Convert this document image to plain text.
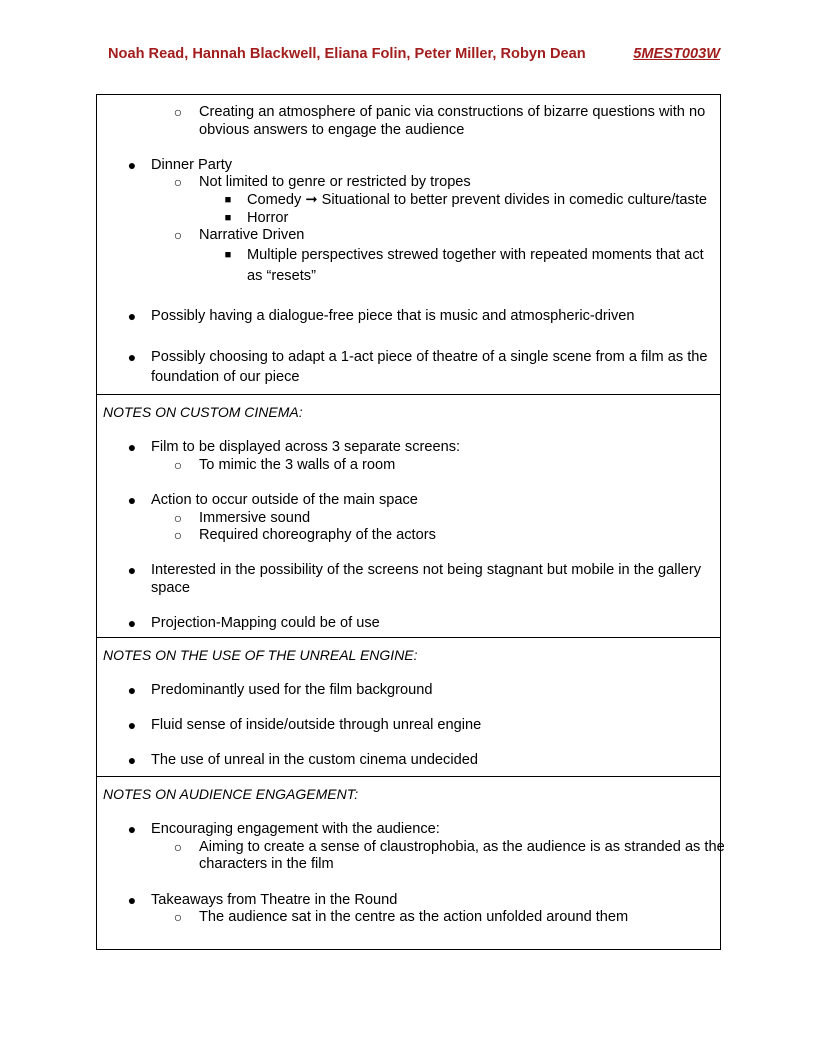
Noah Read, Hannah Blackwell, Eliana Folin, Peter Miller, Robyn Dean	5MEST003W
○ Creating an atmosphere of panic via constructions of bizarre questions with no
obvious answers to engage the audience
● Dinner Party
○ Not limited to genre or restricted by tropes
■ Comedy ➞ Situational to better prevent divides in comedic culture/taste
■ Horror
○ Narrative Driven
■ Multiple perspectives strewed together with repeated moments that act
as “resets”
● Possibly having a dialogue-free piece that is music and atmospheric-driven
● Possibly choosing to adapt a 1-act piece of theatre of a single scene from a film as the
foundation of our piece
NOTES ON CUSTOM CINEMA:
● Film to be displayed across 3 separate screens:
○ To mimic the 3 walls of a room
● Action to occur outside of the main space
○ Immersive sound
○ Required choreography of the actors
● Interested in the possibility of the screens not being stagnant but mobile in the gallery
space
● Projection-Mapping could be of use
NOTES ON THE USE OF THE UNREAL ENGINE:
● Predominantly used for the film background
● Fluid sense of inside/outside through unreal engine
● The use of unreal in the custom cinema undecided
NOTES ON AUDIENCE ENGAGEMENT:
● Encouraging engagement with the audience:
○ Aiming to create a sense of claustrophobia, as the audience is as stranded as the
characters in the film
● Takeaways from Theatre in the Round
○ The audience sat in the centre as the action unfolded around them
